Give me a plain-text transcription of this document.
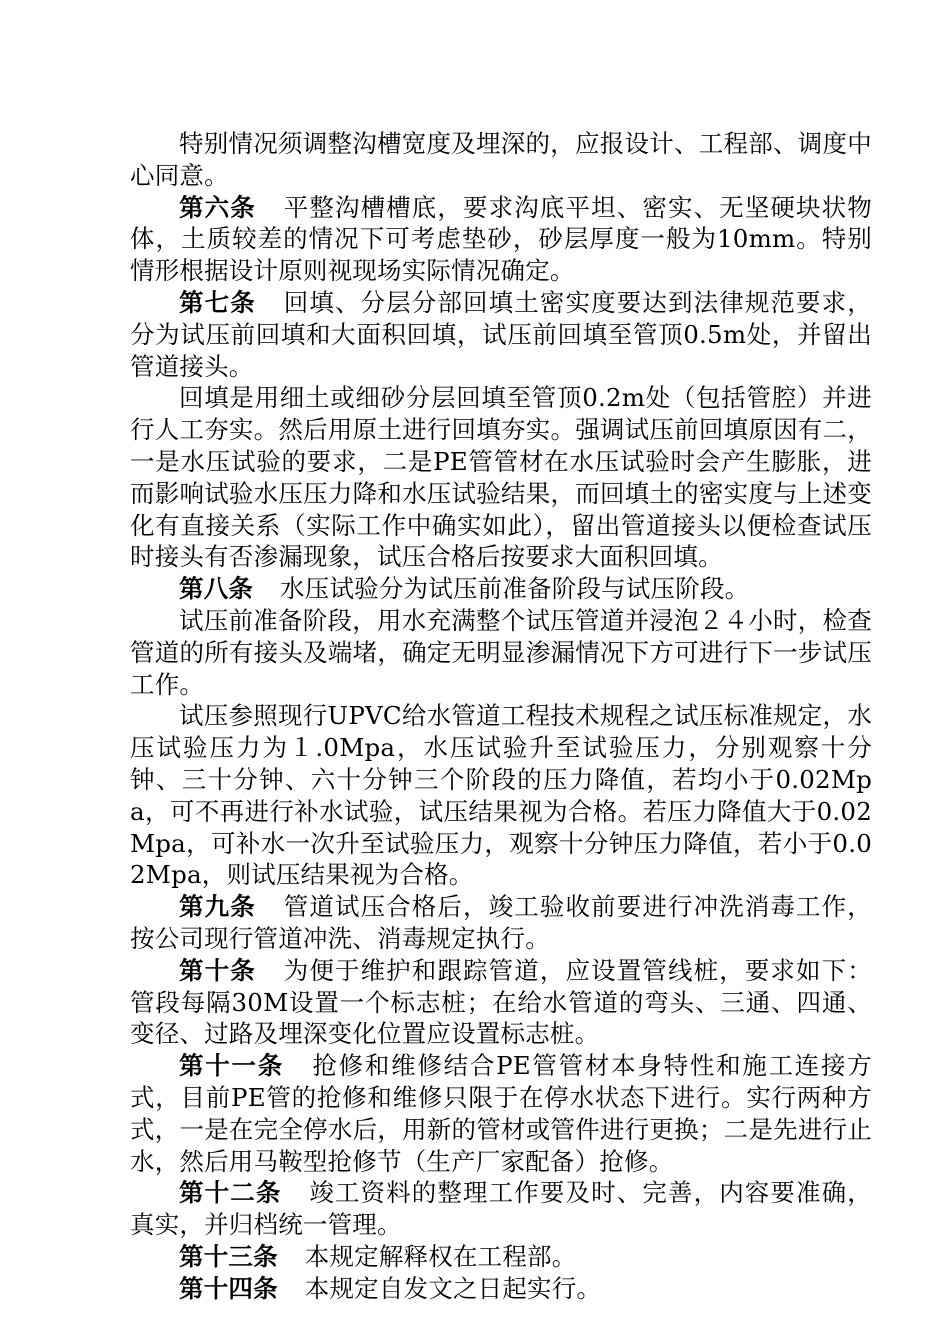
特别情况须调整沟槽宽度及埋深的，应报设计、工程部、调度中心同意。

第六条 平整沟槽槽底，要求沟底平坦、密实、无坚硬块状物体，土质较差的情况下可考虑垫砂，砂层厚度一般为10mm。特别情形根据设计原则视现场实际情况确定。

第七条 回填、分层分部回填土密实度要达到法律规范要求，分为试压前回填和大面积回填，试压前回填至管顶0.5m处，并留出管道接头。

回填是用细土或细砂分层回填至管顶0.2m处（包括管腔）并进行人工夯实。然后用原土进行回填夯实。强调试压前回填原因有二，一是水压试验的要求，二是PE管管材在水压试验时会产生膨胀，进而影响试验水压压力降和水压试验结果，而回填土的密实度与上述变化有直接关系（实际工作中确实如此），留出管道接头以便检查试压时接头有否渗漏现象，试压合格后按要求大面积回填。

第八条 水压试验分为试压前准备阶段与试压阶段。

试压前准备阶段，用水充满整个试压管道并浸泡２４小时，检查管道的所有接头及端堵，确定无明显渗漏情况下方可进行下一步试压工作。

试压参照现行UPVC给水管道工程技术规程之试压标准规定，水压试验压力为１.0Mpa，水压试验升至试验压力，分别观察十分钟、三十分钟、六十分钟三个阶段的压力降值，若均小于0.02Mpa，可不再进行补水试验，试压结果视为合格。若压力降值大于0.02Mpa，可补水一次升至试验压力，观察十分钟压力降值，若小于0.02Mpa，则试压结果视为合格。

第九条 管道试压合格后，竣工验收前要进行冲洗消毒工作，按公司现行管道冲洗、消毒规定执行。

第十条 为便于维护和跟踪管道，应设置管线桩，要求如下：管段每隔30M设置一个标志桩；在给水管道的弯头、三通、四通、变径、过路及埋深变化位置应设置标志桩。

第十一条 抢修和维修结合PE管管材本身特性和施工连接方式，目前PE管的抢修和维修只限于在停水状态下进行。实行两种方式，一是在完全停水后，用新的管材或管件进行更换；二是先进行止水，然后用马鞍型抢修节（生产厂家配备）抢修。

第十二条 竣工资料的整理工作要及时、完善，内容要准确，真实，并归档统一管理。

第十三条 本规定解释权在工程部。

第十四条 本规定自发文之日起实行。
